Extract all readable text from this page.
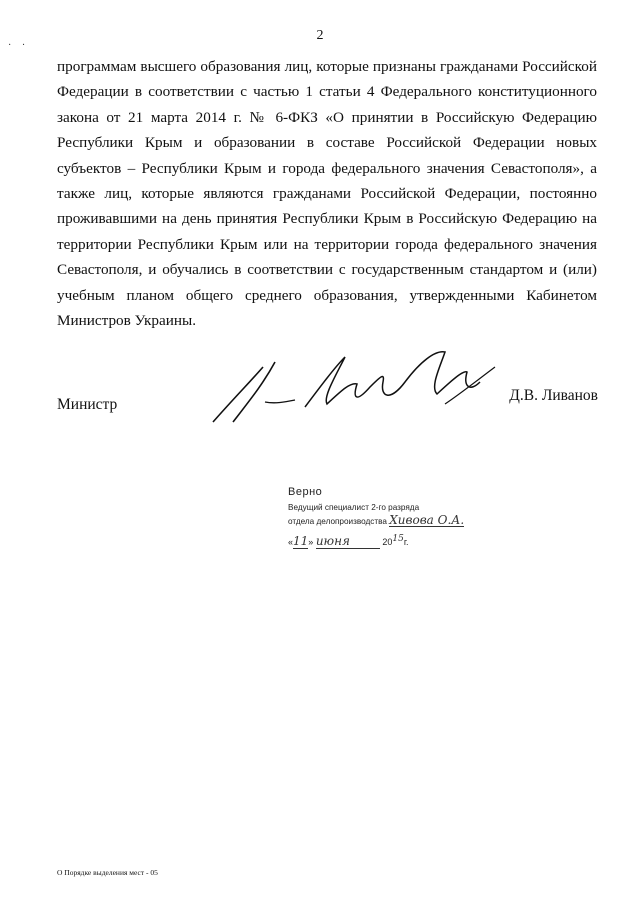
2
· ·

программам высшего образования лиц, которые признаны гражданами Российской Федерации в соответствии с частью 1 статьи 4 Федерального конституционного закона от 21 марта 2014 г. № 6-ФКЗ «О принятии в Российскую Федерацию Республики Крым и образовании в составе Российской Федерации новых субъектов – Республики Крым и города федерального значения Севастополя», а также лиц, которые являются гражданами Российской Федерации, постоянно проживавшими на день принятия Республики Крым в Российскую Федерацию на территории Республики Крым или на территории города федерального значения Севастополя, и обучались в соответствии с государственным стандартом и (или) учебным планом общего среднего образования, утвержденными Кабинетом Министров Украины.

Министр
Д.В. Ливанов
Верно
Ведущий специалист 2-го разряда
отдела делопроизводства Хивова О.А.
«11» июня	2015г.
О Порядке выделения мест - 05
